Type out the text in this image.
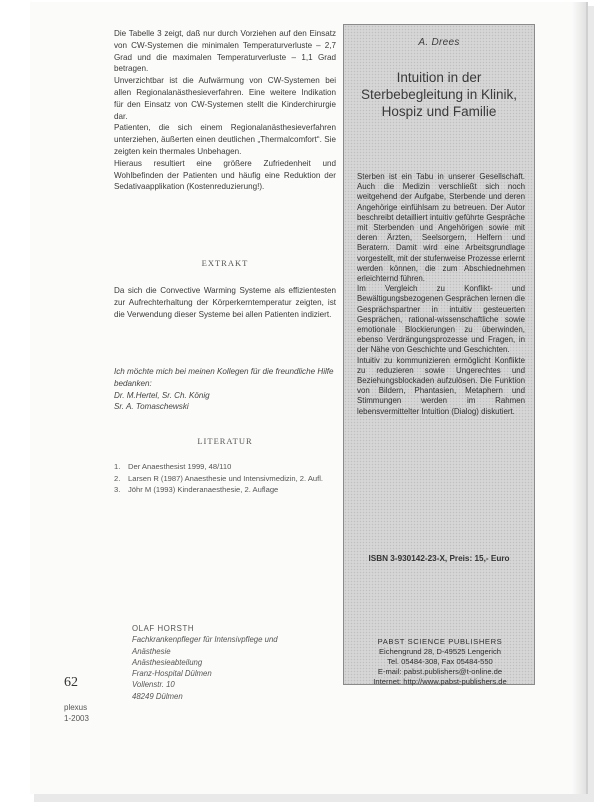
Die Tabelle 3 zeigt, daß nur durch Vorziehen auf den Einsatz von CW-Systemen die minimalen Temperaturverluste – 2,7 Grad und die maximalen Temperaturverluste – 1,1 Grad betragen.

Unverzichtbar ist die Aufwärmung von CW-Systemen bei allen Regionalanästhesieverfahren. Eine weitere Indikation für den Einsatz von CW-Systemen stellt die Kinderchirurgie dar.

Patienten, die sich einem Regionalanästhesieverfahren unterziehen, äußerten einen deutlichen „Thermalcomfort“. Sie zeigten kein thermales Unbehagen.

Hieraus resultiert eine größere Zufriedenheit und Wohlbefinden der Patienten und häufig eine Reduktion der Sedativaapplikation (Kostenreduzierung!).

EXTRAKT
Da sich die Convective Warming Systeme als effizientesten zur Aufrechterhaltung der Körperkerntemperatur zeigten, ist die Verwendung dieser Systeme bei allen Patienten indiziert.
Ich möchte mich bei meinen Kollegen für die freundliche Hilfe bedanken:
Dr. M.Hertel, Sr. Ch. König
Sr. A. Tomaschewski
LITERATUR
1.	Der Anaesthesist 1999, 48/110
2.	Larsen R (1987) Anaesthesie und Intensivmedizin, 2. Aufl.
3.	Jöhr M (1993) Kinderanaesthesie, 2. Auflage
OLAF HORSTH
Fachkrankenpfleger für Intensivpflege und
Anästhesie
Anästhesieabteilung
Franz-Hospital Dülmen
Vollenstr. 10
48249 Dülmen
62
plexus
1-2003
A. Drees
Intuition in der
Sterbebegleitung in Klinik,
Hospiz und Familie

Sterben ist ein Tabu in unserer Gesellschaft. Auch die Medizin verschließt sich noch weitgehend der Aufgabe, Sterbende und deren Angehörige einfühlsam zu betreuen. Der Autor beschreibt detailliert intuitiv geführte Gespräche mit Sterbenden und Angehörigen sowie mit deren Ärzten, Seelsorgern, Helfern und Beratern. Damit wird eine Arbeitsgrundlage vorgestellt, mit der stufenweise Prozesse erlernt werden können, die zum Abschiednehmen erleichternd führen.

Im Vergleich zu Konflikt- und Bewältigungsbezogenen Gesprächen lernen die Gesprächspartner in intuitiv gesteuerten Gesprächen, rational-wissenschaftliche sowie emotionale Blockierungen zu überwinden, ebenso Verdrängungsprozesse und Fragen, in der Nähe von Geschichte und Geschichten.

Intuitiv zu kommunizieren ermöglicht Konflikte zu reduzieren sowie Ungerechtes und Beziehungsblockaden aufzulösen. Die Funktion von Bildern, Phantasien, Metaphern und Stimmungen werden im Rahmen lebensvermittelter Intuition (Dialog) diskutiert.

ISBN 3-930142-23-X, Preis: 15,- Euro
PABST SCIENCE PUBLISHERS
Eichengrund 28, D-49525 Lengerich
Tel. 05484-308, Fax 05484-550
E-mail: pabst.publishers@t-online.de
Internet: http://www.pabst-publishers.de
